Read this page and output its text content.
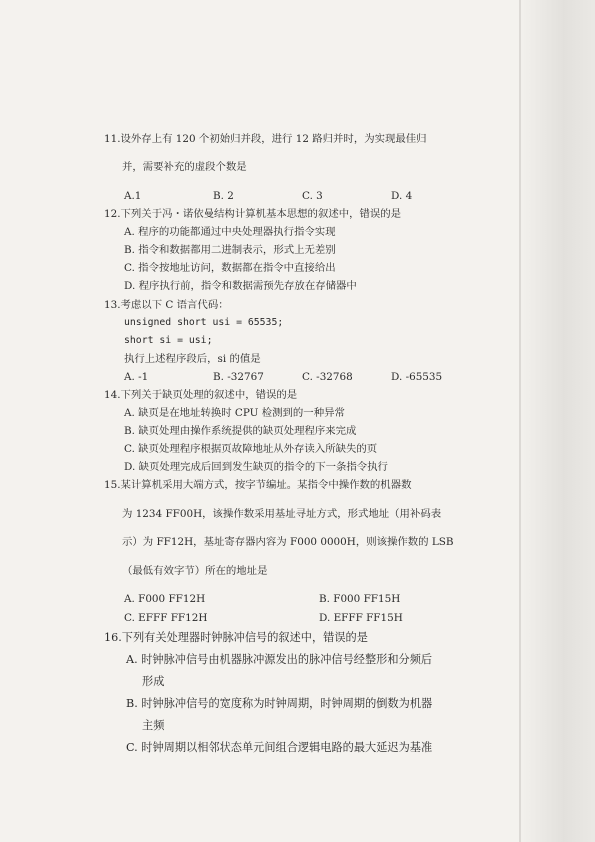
11.设外存上有 120 个初始归并段，进行 12 路归并时，为实现最佳归

并，需要补充的虚段个数是

A.1	B. 2	C. 3	D. 4

12.下列关于冯・诺依曼结构计算机基本思想的叙述中，错误的是

A. 程序的功能都通过中央处理器执行指令实现

B. 指令和数据都用二进制表示，形式上无差别

C. 指令按地址访问，数据都在指令中直接给出

D. 程序执行前，指令和数据需预先存放在存储器中

13.考虑以下 C 语言代码：

unsigned short usi = 65535;

short si = usi;

执行上述程序段后，si 的值是

A. -1	B. -32767	C. -32768	D. -65535

14.下列关于缺页处理的叙述中，错误的是

A. 缺页是在地址转换时 CPU 检测到的一种异常

B. 缺页处理由操作系统提供的缺页处理程序来完成

C. 缺页处理程序根据页故障地址从外存读入所缺失的页

D. 缺页处理完成后回到发生缺页的指令的下一条指令执行

15.某计算机采用大端方式，按字节编址。某指令中操作数的机器数

为 1234 FF00H，该操作数采用基址寻址方式，形式地址（用补码表

示）为 FF12H，基址寄存器内容为 F000 0000H，则该操作数的 LSB

（最低有效字节）所在的地址是

A. F000 FF12H	B. F000 FF15H
C. EFFF FF12H	D. EFFF FF15H

16.下列有关处理器时钟脉冲信号的叙述中，错误的是

A. 时钟脉冲信号由机器脉冲源发出的脉冲信号经整形和分频后

形成

B. 时钟脉冲信号的宽度称为时钟周期，时钟周期的倒数为机器

主频

C. 时钟周期以相邻状态单元间组合逻辑电路的最大延迟为基准
